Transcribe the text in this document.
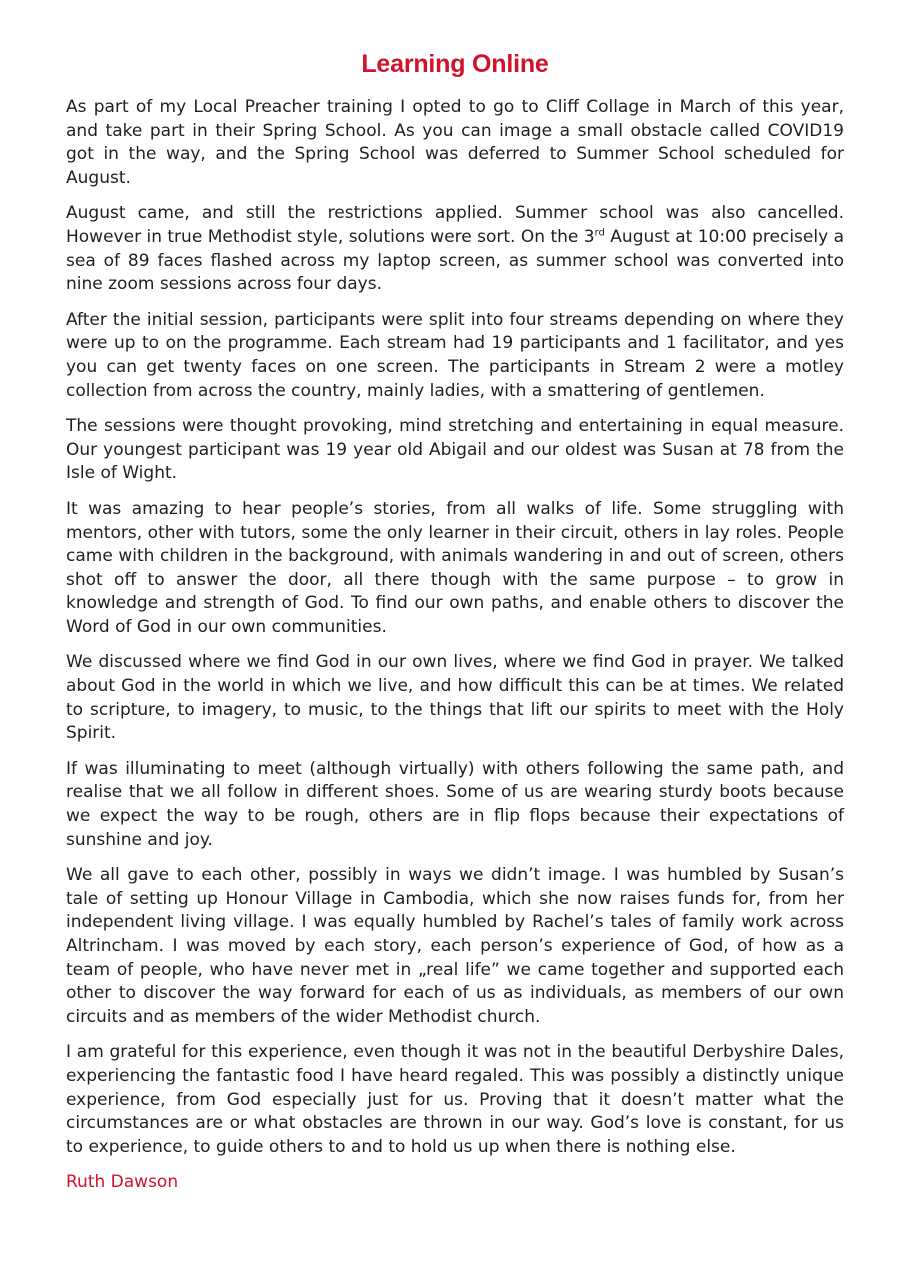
Learning Online

As part of my Local Preacher training I opted to go to Cliff Collage in March of this year, and take part in their Spring School. As you can image a small obstacle called COVID19 got in the way, and the Spring School was deferred to Summer School scheduled for August.

August came, and still the restrictions applied. Summer school was also cancelled. However in true Methodist style, solutions were sort. On the 3rd August at 10:00 precisely a sea of 89 faces flashed across my laptop screen, as summer school was converted into nine zoom sessions across four days.

After the initial session, participants were split into four streams depending on where they were up to on the programme. Each stream had 19 participants and 1 facilitator, and yes you can get twenty faces on one screen. The participants in Stream 2 were a motley collection from across the country, mainly ladies, with a smattering of gentlemen.

The sessions were thought provoking, mind stretching and entertaining in equal measure. Our youngest participant was 19 year old Abigail and our oldest was Susan at 78 from the Isle of Wight.

It was amazing to hear people’s stories, from all walks of life. Some struggling with mentors, other with tutors, some the only learner in their circuit, others in lay roles. People came with children in the background, with animals wandering in and out of screen, others shot off to answer the door, all there though with the same purpose – to grow in knowledge and strength of God. To find our own paths, and enable others to discover the Word of God in our own communities.

We discussed where we find God in our own lives, where we find God in prayer. We talked about God in the world in which we live, and how difficult this can be at times. We related to scripture, to imagery, to music, to the things that lift our spirits to meet with the Holy Spirit.

If was illuminating to meet (although virtually) with others following the same path, and realise that we all follow in different shoes. Some of us are wearing sturdy boots because we expect the way to be rough, others are in flip flops because their expectations of sunshine and joy.

We all gave to each other, possibly in ways we didn’t image. I was humbled by Susan’s tale of setting up Honour Village in Cambodia, which she now raises funds for, from her independent living village. I was equally humbled by Rachel’s tales of family work across Altrincham. I was moved by each story, each person’s experience of God, of how as a team of people, who have never met in „real life” we came together and supported each other to discover the way forward for each of us as individuals, as members of our own circuits and as members of the wider Methodist church.

I am grateful for this experience, even though it was not in the beautiful Derbyshire Dales, experiencing the fantastic food I have heard regaled. This was possibly a distinctly unique experience, from God especially just for us. Proving that it doesn’t matter what the circumstances are or what obstacles are thrown in our way. God’s love is constant, for us to experience, to guide others to and to hold us up when there is nothing else.

Ruth Dawson
